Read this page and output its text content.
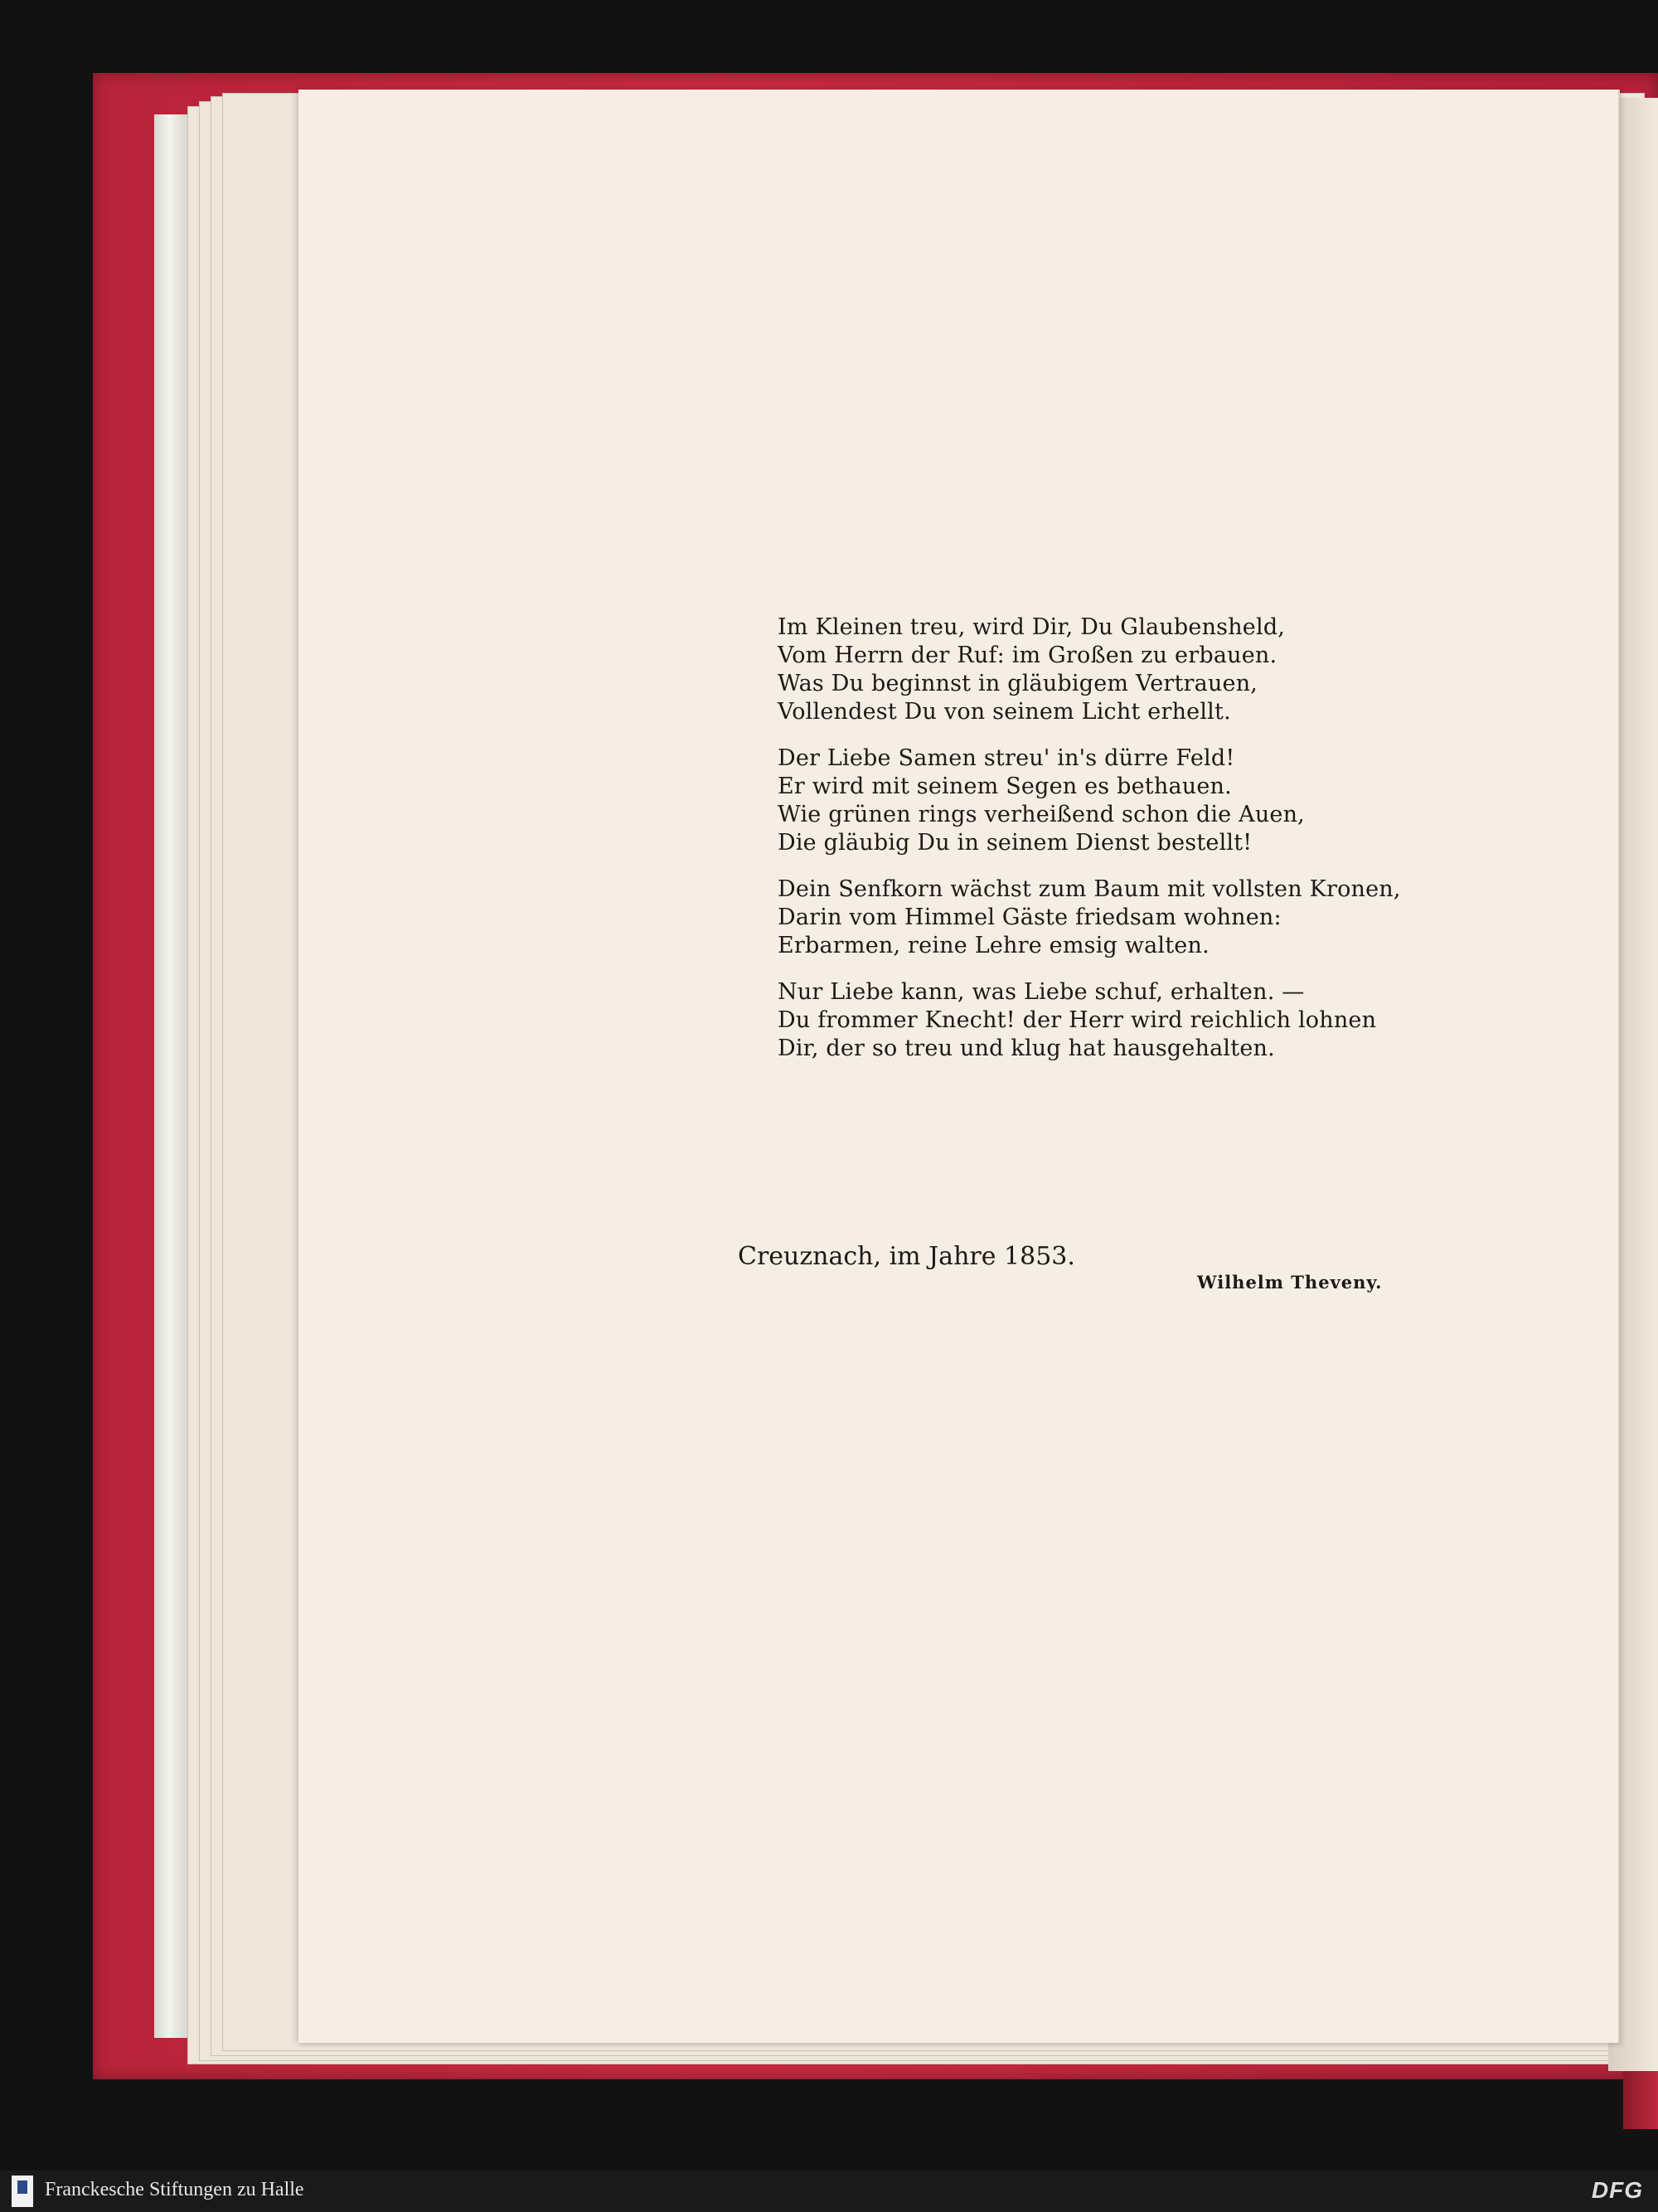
Im Kleinen treu, wird Dir, Du Glaubensheld,
Vom Herrn der Ruf: im Großen zu erbauen.
Was Du beginnst in gläubigem Vertrauen,
Vollendest Du von seinem Licht erhellt.
Der Liebe Samen streu' in's dürre Feld!
Er wird mit seinem Segen es bethauen.
Wie grünen rings verheißend schon die Auen,
Die gläubig Du in seinem Dienst bestellt!
Dein Senfkorn wächst zum Baum mit vollsten Kronen,
Darin vom Himmel Gäste friedsam wohnen:
Erbarmen, reine Lehre emsig walten.
Nur Liebe kann, was Liebe schuf, erhalten. —
Du frommer Knecht! der Herr wird reichlich lohnen
Dir, der so treu und klug hat hausgehalten.
Creuznach, im Jahre 1853.
Wilhelm Theveny.
Franckesche Stiftungen zu Halle	DFG
